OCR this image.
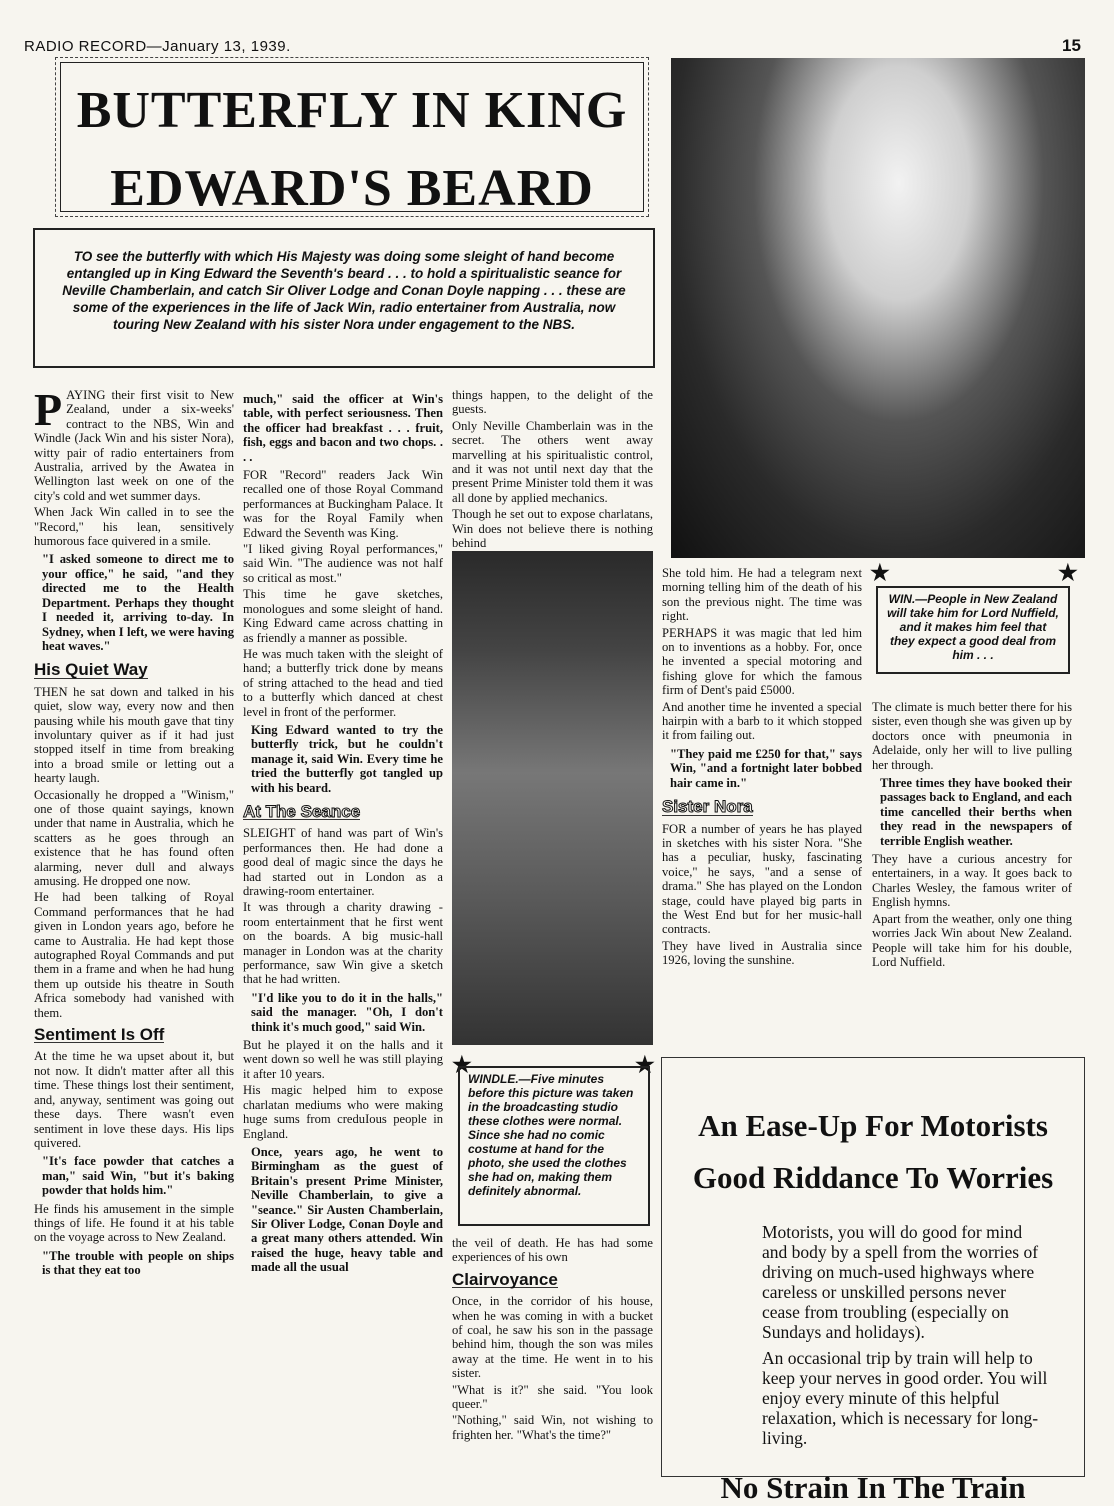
RADIO RECORD—January 13, 1939.	15
BUTTERFLY IN KING
EDWARD'S BEARD

TO see the butterfly with which His Majesty was doing some sleight of hand become entangled up in King Edward the Seventh's beard . . . to hold a spiritualistic seance for Neville Chamberlain, and catch Sir Oliver Lodge and Conan Doyle napping . . . these are some of the experiences in the life of Jack Win, radio entertainer from Australia, now touring New Zealand with his sister Nora under engagement to the NBS.

PAYING their first visit to New Zealand, under a six-weeks' contract to the NBS, Win and Windle (Jack Win and his sister Nora), witty pair of radio entertainers from Australia, arrived by the Awatea in Wellington last week on one of the city's cold and wet summer days.

When Jack Win called in to see the "Record," his lean, sensitively humorous face quivered in a smile.

"I asked someone to direct me to your office," he said, "and they directed me to the Health Department. Perhaps they thought I needed it, arriving to-day. In Sydney, when I left, we were having heat waves."

His Quiet Way

THEN he sat down and talked in his quiet, slow way, every now and then pausing while his mouth gave that tiny involuntary quiver as if it had just stopped itself in time from breaking into a broad smile or letting out a hearty laugh.

Occasionally he dropped a "Winism," one of those quaint sayings, known under that name in Australia, which he scatters as he goes through an existence that he has found often alarming, never dull and always amusing. He dropped one now.

He had been talking of Royal Command performances that he had given in London years ago, before he came to Australia. He had kept those autographed Royal Commands and put them in a frame and when he had hung them up outside his theatre in South Africa somebody had vanished with them.

Sentiment Is Off

At the time he wa upset about it, but not now. It didn't matter after all this time. These things lost their sentiment, and, anyway, sentiment was going out these days. There wasn't even sentiment in love these days. His lips quivered.

"It's face powder that catches a man," said Win, "but it's baking powder that holds him."

He finds his amusement in the simple things of life. He found it at his table on the voyage across to New Zealand.

"The trouble with people on ships is that they eat too

much," said the officer at Win's table, with perfect seriousness. Then the officer had breakfast . . . fruit, fish, eggs and bacon and two chops. . . .

FOR "Record" readers Jack Win recalled one of those Royal Command performances at Buckingham Palace. It was for the Royal Family when Edward the Seventh was King.

"I liked giving Royal performances," said Win. "The audience was not half so critical as most."

This time he gave sketches, monologues and some sleight of hand. King Edward came across chatting in as friendly a manner as possible.

He was much taken with the sleight of hand; a butterfly trick done by means of string attached to the head and tied to a butterfly which danced at chest level in front of the performer.

King Edward wanted to try the butterfly trick, but he couldn't manage it, said Win. Every time he tried the butterfly got tangled up with his beard.

At The Seance

SLEIGHT of hand was part of Win's performances then. He had done a good deal of magic since the days he had started out in London as a drawing-room entertainer.

It was through a charity drawing - room entertainment that he first went on the boards. A big music-hall manager in London was at the charity performance, saw Win give a sketch that he had written.

"I'd like you to do it in the halls," said the manager. "Oh, I don't think it's much good," said Win.

But he played it on the halls and it went down so well he was still playing it after 10 years.

His magic helped him to expose charlatan mediums who were making huge sums from creduIous people in England.

Once, years ago, he went to Birmingham as the guest of Britain's present Prime Minister, Neville Chamberlain, to give a "seance." Sir Austen Chamberlain, Sir Oliver Lodge, Conan Doyle and a great many others attended. Win raised the huge, heavy table and made all the usual

things happen, to the delight of the guests.

Only Neville Chamberlain was in the secret. The others went away marvelling at his spiritualistic control, and it was not until next day that the present Prime Minister told them it was all done by applied mechanics.

Though he set out to expose charlatans, Win does not believe there is nothing behind

★	★
WINDLE.—Five minutes before this picture was taken in the broadcasting studio these clothes were normal. Since she had no comic costume at hand for the photo, she used the clothes she had on, making them definitely abnormal.

the veil of death. He has had some experiences of his own

Clairvoyance

Once, in the corridor of his house, when he was coming in with a bucket of coal, he saw his son in the passage behind him, though the son was miles away at the time. He went in to his sister.

"What is it?" she said. "You look queer."

"Nothing," said Win, not wishing to frighten her. "What's the time?"

She told him. He had a telegram next morning telling him of the death of his son the previous night. The time was right.

PERHAPS it was magic that led him on to inventions as a hobby. For, once he invented a special motoring and fishing glove for which the famous firm of Dent's paid £5000.

And another time he invented a special hairpin with a barb to it which stopped it from failing out.

"They paid me £250 for that," says Win, "and a fortnight later bobbed hair came in."

Sister Nora

FOR a number of years he has played in sketches with his sister Nora. "She has a peculiar, husky, fascinating voice," he says, "and a sense of drama." She has played on the London stage, could have played big parts in the West End but for her music-hall contracts.

They have lived in Australia since 1926, loving the sunshine.

★	★
WIN.—People in New Zealand will take him for Lord Nuffield, and it makes him feel that they expect a good deal from him . . .

The climate is much better there for his sister, even though she was given up by doctors once with pneumonia in Adelaide, only her will to live pulling her through.

Three times they have booked their passages back to England, and each time cancelled their berths when they read in the newspapers of terrible English weather.

They have a curious ancestry for entertainers, in a way. It goes back to Charles Wesley, the famous writer of English hymns.

Apart from the weather, only one thing worries Jack Win about New Zealand. People will take him for his double, Lord Nuffield.

An Ease-Up For Motorists
Good Riddance To Worries
Motorists, you will do good for mind and body by a spell from the worries of driving on much-used highways where careless or unskilled persons never cease from troubling (especially on Sundays and holidays).
An occasional trip by train will help to keep your nerves in good order. You will enjoy every minute of this helpful relaxation, which is necessary for long-living.
No Strain In The Train
